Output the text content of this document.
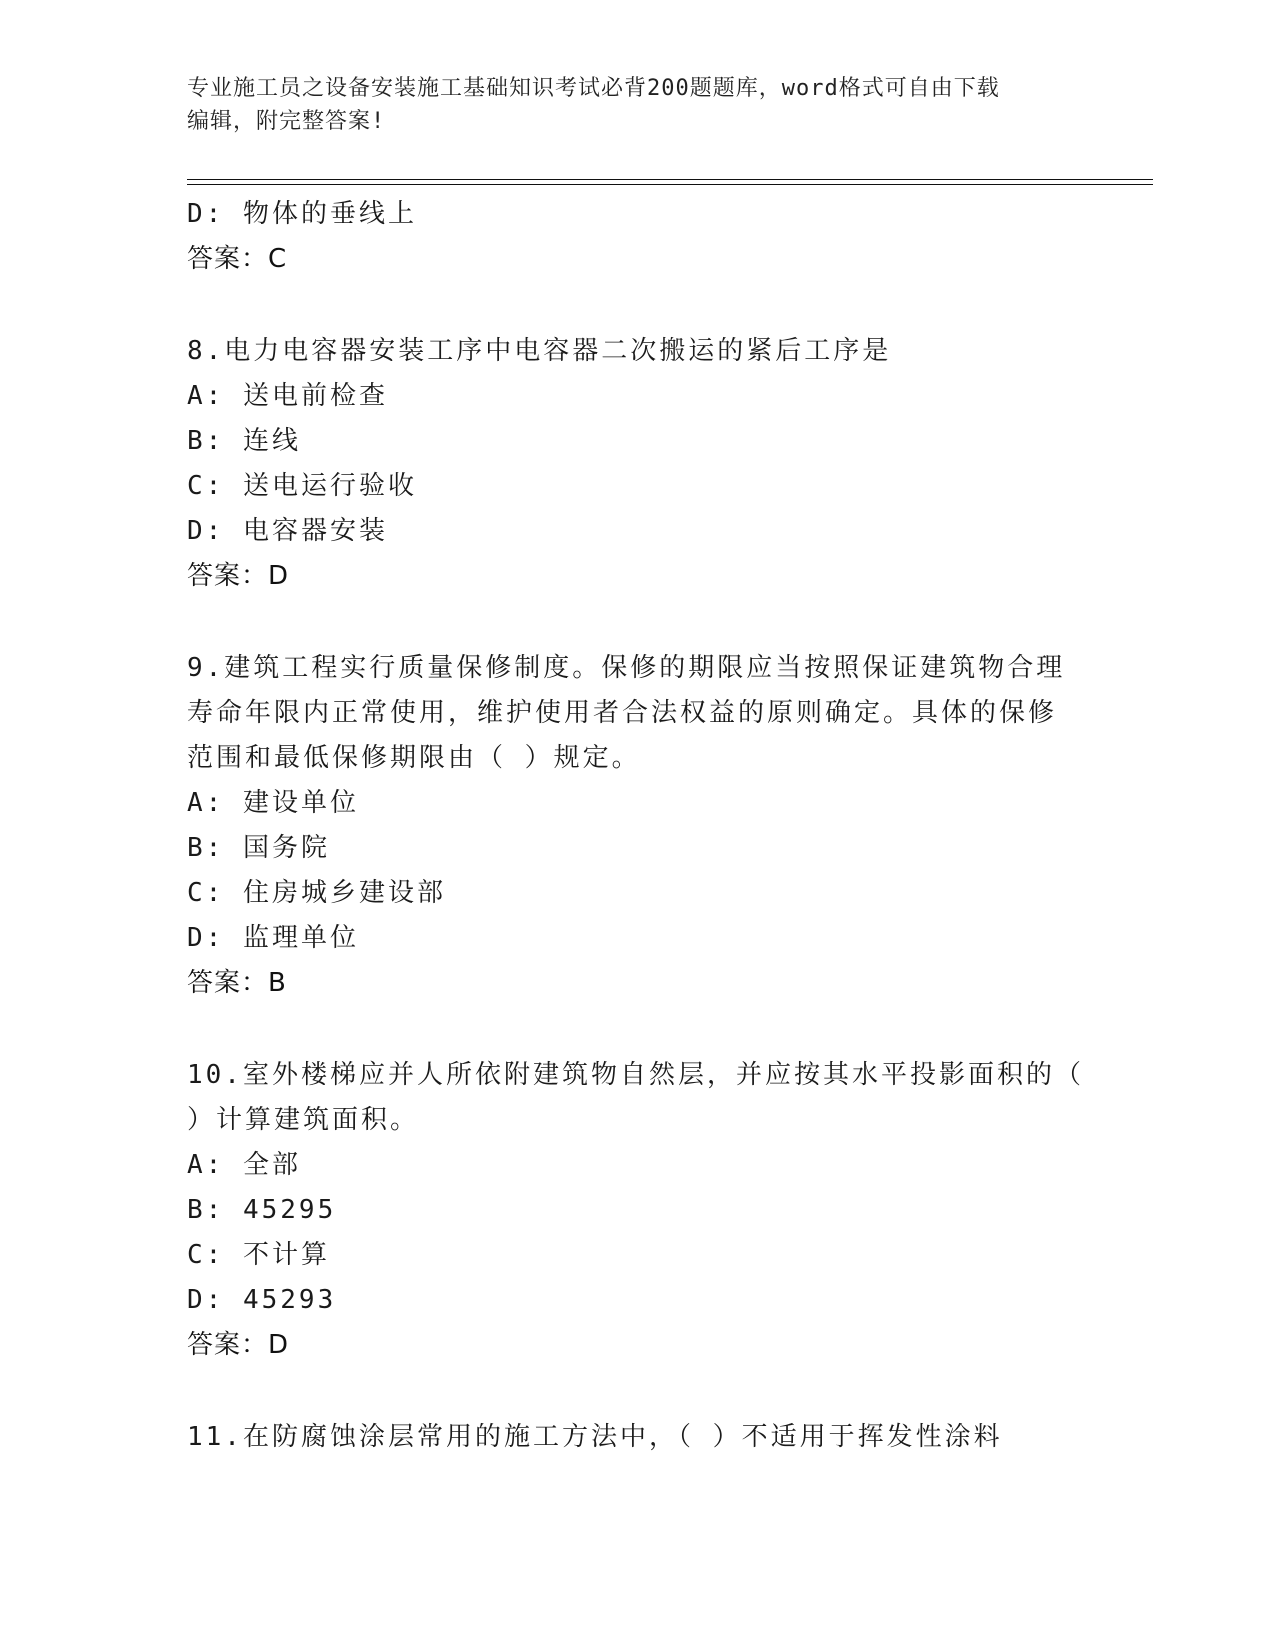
专业施工员之设备安装施工基础知识考试必背200题题库，word格式可自由下载
编辑，附完整答案!
D: 物体的垂线上
答案：C
8.电力电容器安装工序中电容器二次搬运的紧后工序是
A: 送电前检查
B: 连线
C: 送电运行验收
D: 电容器安装
答案：D
9.建筑工程实行质量保修制度。保修的期限应当按照保证建筑物合理
寿命年限内正常使用，维护使用者合法权益的原则确定。具体的保修
范围和最低保修期限由（ ）规定。
A: 建设单位
B: 国务院
C: 住房城乡建设部
D: 监理单位
答案：B
10.室外楼梯应并人所依附建筑物自然层，并应按其水平投影面积的（
）计算建筑面积。
A: 全部
B: 45295
C: 不计算
D: 45293
答案：D
11.在防腐蚀涂层常用的施工方法中，（ ）不适用于挥发性涂料
